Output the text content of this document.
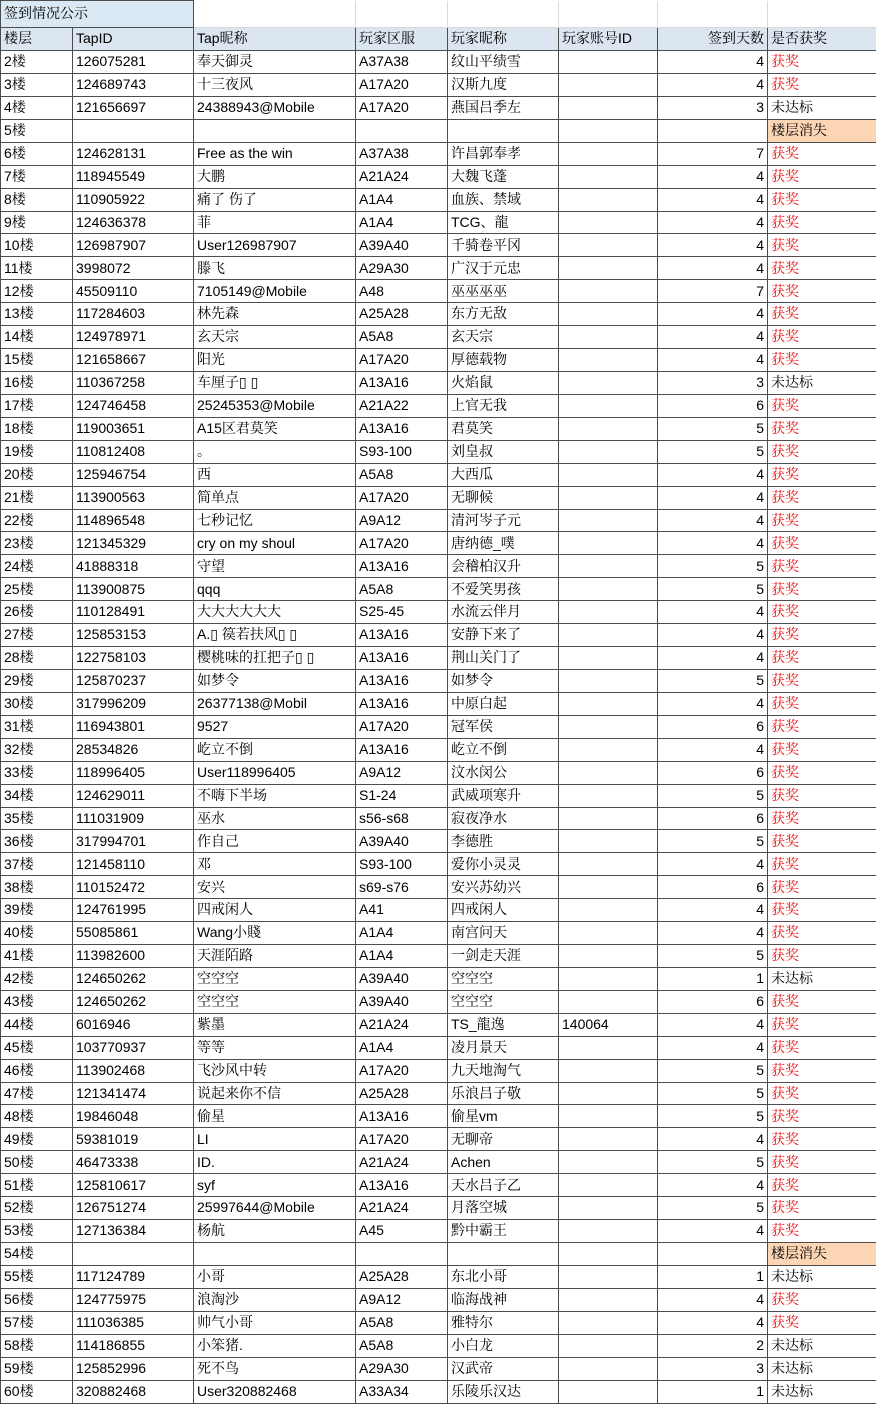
签到情况公示							
楼层	TapID	Tap昵称	玩家区服	玩家昵称	玩家账号ID	签到天数	是否获奖
2楼	126075281	奉天御灵	A37A38	纹山平绩雪		4	获奖
3楼	124689743	十三夜风	A17A20	汉斯九度		4	获奖
4楼	121656697	24388943@Mobile	A17A20	燕国吕季左		3	未达标
5楼							楼层消失
6楼	124628131	Free as the win	A37A38	许昌郭奉孝		7	获奖
7楼	118945549	大鹏	A21A24	大魏飞蓬		4	获奖
8楼	110905922	痛了 伤了	A1A4	血族、禁域		4	获奖
9楼	124636378	菲	A1A4	TCG、龍		4	获奖
10楼	126987907	User126987907	A39A40	千骑卷平冈		4	获奖
11楼	3998072	滕飞	A29A30	广汉于元忠		4	获奖
12楼	45509110	7105149@Mobile	A48	巫巫巫巫		7	获奖
13楼	117284603	林先森	A25A28	东方无敌		4	获奖
14楼	124978971	玄天宗	A5A8	玄天宗		4	获奖
15楼	121658667	阳光	A17A20	厚德载物		4	获奖
16楼	110367258	车厘子▯ ▯	A13A16	火焰鼠		3	未达标
17楼	124746458	25245353@Mobile	A21A22	上官无我		6	获奖
18楼	119003651	A15区君莫笑	A13A16	君莫笑		5	获奖
19楼	110812408	。	S93-100	刘皇叔		5	获奖
20楼	125946754	西	A5A8	大西瓜		4	获奖
21楼	113900563	简单点	A17A20	无聊候		4	获奖
22楼	114896548	七秒记忆	A9A12	清河岑子元		4	获奖
23楼	121345329	cry on my shoul	A17A20	唐纳德_噗		4	获奖
24楼	41888318	守望	A13A16	会稽柏汉升		5	获奖
25楼	113900875	qqq	A5A8	不爱笑男孩		5	获奖
26楼	110128491	大大大大大大	S25-45	水流云伴月		4	获奖
27楼	125853153	A.▯ 篌若扶风▯ ▯	A13A16	安静下来了		4	获奖
28楼	122758103	樱桃味的扛把子▯ ▯	A13A16	荆山关门了		4	获奖
29楼	125870237	如梦令	A13A16	如梦令		5	获奖
30楼	317996209	26377138@Mobil	A13A16	中原白起		4	获奖
31楼	116943801	9527	A17A20	冠军侯		6	获奖
32楼	28534826	屹立不倒	A13A16	屹立不倒		4	获奖
33楼	118996405	User118996405	A9A12	汶水闵公		6	获奖
34楼	124629011	不嗨下半场	S1-24	武威项寒升		5	获奖
35楼	111031909	巫水	s56-s68	寂夜净水		6	获奖
36楼	317994701	作自己	A39A40	李德胜		5	获奖
37楼	121458110	邓	S93-100	爱你小灵灵		4	获奖
38楼	110152472	安兴	s69-s76	安兴苏幼兴		6	获奖
39楼	124761995	四戒闲人	A41	四戒闲人		4	获奖
40楼	55085861	Wang小賤	A1A4	南宫问天		4	获奖
41楼	113982600	天涯陌路	A1A4	一剑走天涯		5	获奖
42楼	124650262	空空空	A39A40	空空空		1	未达标
43楼	124650262	空空空	A39A40	空空空		6	获奖
44楼	6016946	紫墨	A21A24	TS_龍逸	140064	4	获奖
45楼	103770937	等等	A1A4	凌月景天		4	获奖
46楼	113902468	飞沙风中转	A17A20	九天地淘气		5	获奖
47楼	121341474	说起来你不信	A25A28	乐浪吕子敬		5	获奖
48楼	19846048	偷星	A13A16	偷星vm		5	获奖
49楼	59381019	LI	A17A20	无聊帝		4	获奖
50楼	46473338	ID.	A21A24	Achen		5	获奖
51楼	125810617	syf	A13A16	天水吕子乙		4	获奖
52楼	126751274	25997644@Mobile	A21A24	月落空城		5	获奖
53楼	127136384	杨航	A45	黔中霸王		4	获奖
54楼							楼层消失
55楼	117124789	小哥	A25A28	东北小哥		1	未达标
56楼	124775975	浪淘沙	A9A12	临海战神		4	获奖
57楼	111036385	帅气小哥	A5A8	雅特尔		4	获奖
58楼	114186855	小笨猪.	A5A8	小白龙		2	未达标
59楼	125852996	死不鸟	A29A30	汉武帝		3	未达标
60楼	320882468	User320882468	A33A34	乐陵乐汉达		1	未达标
